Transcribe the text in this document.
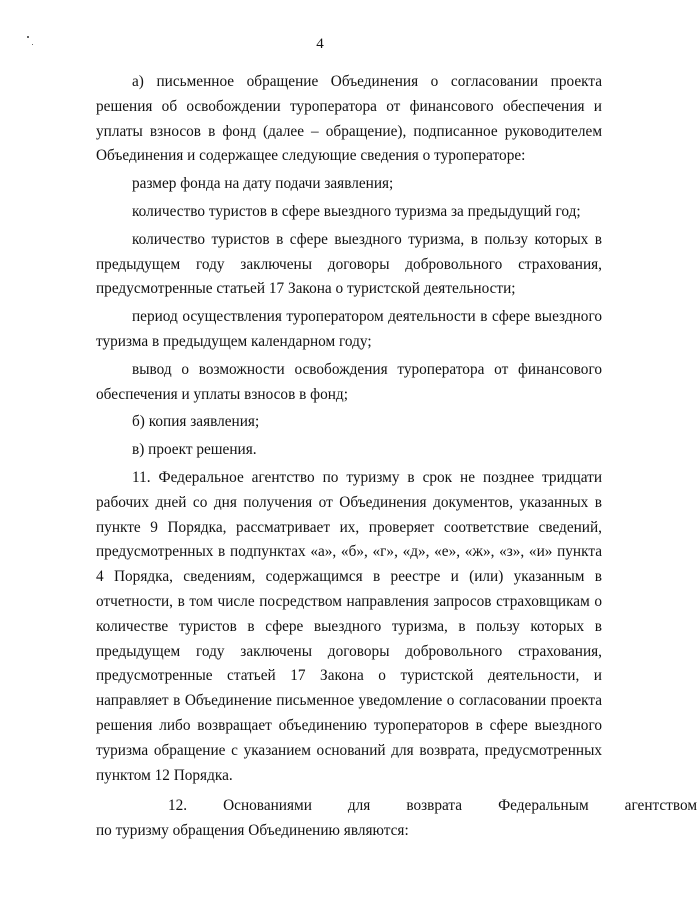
4

а) письменное обращение Объединения о согласовании проекта решения об освобождении туроператора от финансового обеспечения и уплаты взносов в фонд (далее – обращение), подписанное руководителем Объединения и содержащее следующие сведения о туроператоре:

размер фонда на дату подачи заявления;

количество туристов в сфере выездного туризма за предыдущий год;

количество туристов в сфере выездного туризма, в пользу которых в предыдущем году заключены договоры добровольного страхования, предусмотренные статьей 17 Закона о туристской деятельности;

период осуществления туроператором деятельности в сфере выездного туризма в предыдущем календарном году;

вывод о возможности освобождения туроператора от финансового обеспечения и уплаты взносов в фонд;

б) копия заявления;

в) проект решения.

11. Федеральное агентство по туризму в срок не позднее тридцати рабочих дней со дня получения от Объединения документов, указанных в пункте 9 Порядка, рассматривает их, проверяет соответствие сведений, предусмотренных в подпунктах «а», «б», «г», «д», «е», «ж», «з», «и» пункта 4 Порядка, сведениям, содержащимся в реестре и (или) указанным в отчетности, в том числе посредством направления запросов страховщикам о количестве туристов в сфере выездного туризма, в пользу которых в предыдущем году заключены договоры добровольного страхования, предусмотренные статьей 17 Закона о туристской деятельности, и направляет в Объединение письменное уведомление о согласовании проекта решения либо возвращает объединению туроператоров в сфере выездного туризма обращение с указанием оснований для возврата, предусмотренных пунктом 12 Порядка.

12.	Основаниями	для	возврата	Федеральным	агентством

по туризму обращения Объединению являются:
